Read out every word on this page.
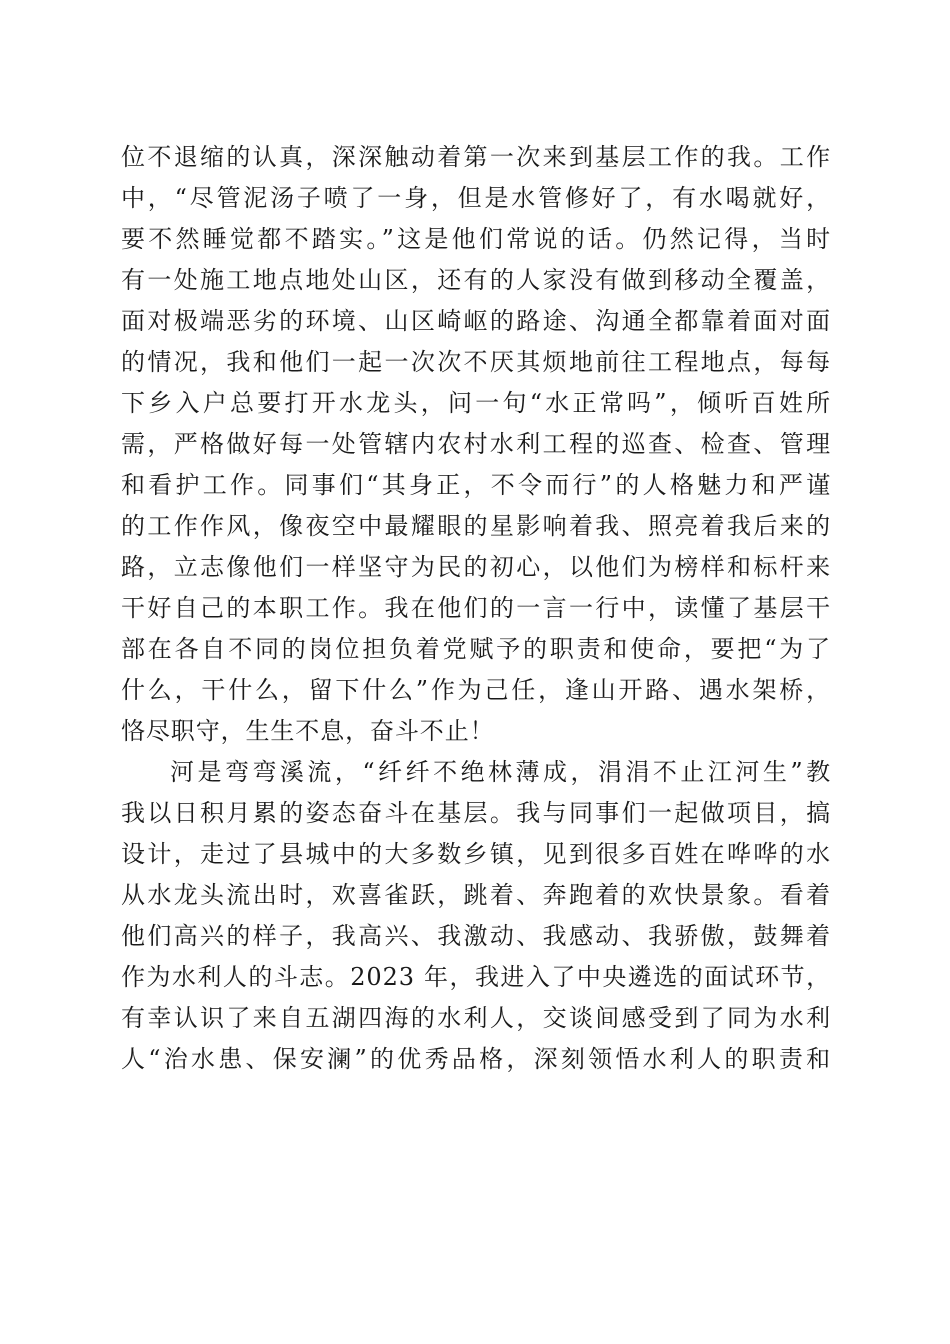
位不退缩的认真，深深触动着第一次来到基层工作的我。工作
中，“尽管泥汤子喷了一身，但是水管修好了，有水喝就好，
要不然睡觉都不踏实。”这是他们常说的话。仍然记得，当时
有一处施工地点地处山区，还有的人家没有做到移动全覆盖，
面对极端恶劣的环境、山区崎岖的路途、沟通全都靠着面对面
的情况，我和他们一起一次次不厌其烦地前往工程地点，每每
下乡入户总要打开水龙头，问一句“水正常吗”，倾听百姓所
需，严格做好每一处管辖内农村水利工程的巡查、检查、管理
和看护工作。同事们“其身正，不令而行”的人格魅力和严谨
的工作作风，像夜空中最耀眼的星影响着我、照亮着我后来的
路，立志像他们一样坚守为民的初心，以他们为榜样和标杆来
干好自己的本职工作。我在他们的一言一行中，读懂了基层干
部在各自不同的岗位担负着党赋予的职责和使命，要把“为了
什么，干什么，留下什么”作为己任，逢山开路、遇水架桥，
恪尽职守，生生不息，奋斗不止！
河是弯弯溪流，“纤纤不绝林薄成，涓涓不止江河生”教
我以日积月累的姿态奋斗在基层。我与同事们一起做项目，搞
设计，走过了县城中的大多数乡镇，见到很多百姓在哗哗的水
从水龙头流出时，欢喜雀跃，跳着、奔跑着的欢快景象。看着
他们高兴的样子，我高兴、我激动、我感动、我骄傲，鼓舞着
作为水利人的斗志。2023 年，我进入了中央遴选的面试环节，
有幸认识了来自五湖四海的水利人，交谈间感受到了同为水利
人“治水患、保安澜”的优秀品格，深刻领悟水利人的职责和
